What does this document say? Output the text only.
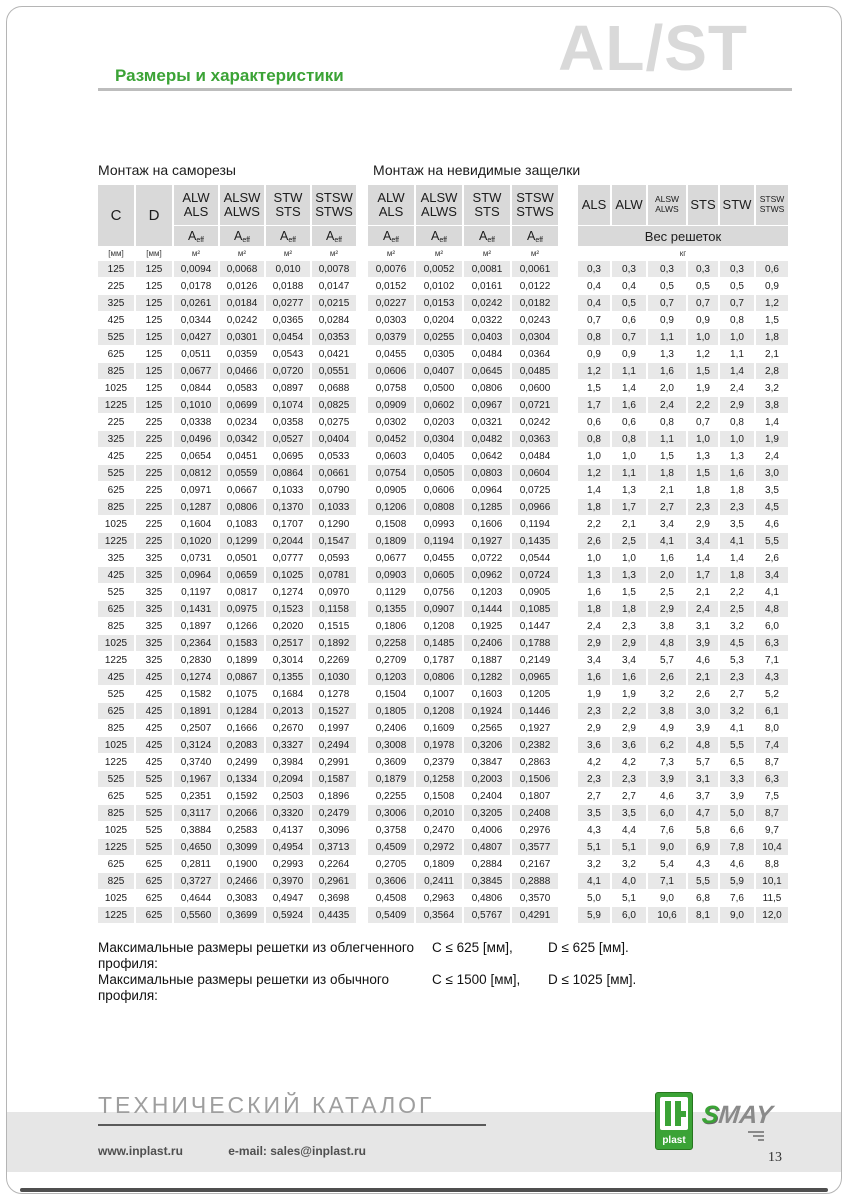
Размеры и характеристики	AL/ST
Монтаж на саморезы	Монтаж на невидимые защелки
C	D	ALW
ALS	ALSW
ALWS	STW
STS	STSW
STWS

		$A_{eff}$	$A_{eff}$	$A_{eff}$	$A_{eff}$
[мм]	[мм]	м²	м²	м²	м²
125	125	0,0094	0,0068	0,010	0,0078
225	125	0,0178	0,0126	0,0188	0,0147
325	125	0,0261	0,0184	0,0277	0,0215
425	125	0,0344	0,0242	0,0365	0,0284
525	125	0,0427	0,0301	0,0454	0,0353
625	125	0,0511	0,0359	0,0543	0,0421
825	125	0,0677	0,0466	0,0720	0,0551
1025	125	0,0844	0,0583	0,0897	0,0688
1225	125	0,1010	0,0699	0,1074	0,0825
225	225	0,0338	0,0234	0,0358	0,0275
325	225	0,0496	0,0342	0,0527	0,0404
425	225	0,0654	0,0451	0,0695	0,0533
525	225	0,0812	0,0559	0,0864	0,0661
625	225	0,0971	0,0667	0,1033	0,0790
825	225	0,1287	0,0806	0,1370	0,1033
1025	225	0,1604	0,1083	0,1707	0,1290
1225	225	0,1020	0,1299	0,2044	0,1547
325	325	0,0731	0,0501	0,0777	0,0593
425	325	0,0964	0,0659	0,1025	0,0781
525	325	0,1197	0,0817	0,1274	0,0970
625	325	0,1431	0,0975	0,1523	0,1158
825	325	0,1897	0,1266	0,2020	0,1515
1025	325	0,2364	0,1583	0,2517	0,1892
1225	325	0,2830	0,1899	0,3014	0,2269
425	425	0,1274	0,0867	0,1355	0,1030
525	425	0,1582	0,1075	0,1684	0,1278
625	425	0,1891	0,1284	0,2013	0,1527
825	425	0,2507	0,1666	0,2670	0,1997
1025	425	0,3124	0,2083	0,3327	0,2494
1225	425	0,3740	0,2499	0,3984	0,2991
525	525	0,1967	0,1334	0,2094	0,1587
625	525	0,2351	0,1592	0,2503	0,1896
825	525	0,3117	0,2066	0,3320	0,2479
1025	525	0,3884	0,2583	0,4137	0,3096
1225	525	0,4650	0,3099	0,4954	0,3713
625	625	0,2811	0,1900	0,2993	0,2264
825	625	0,3727	0,2466	0,3970	0,2961
1025	625	0,4644	0,3083	0,4947	0,3698
1225	625	0,5560	0,3699	0,5924	0,4435
ALW
ALS	ALSW
ALWS	STW
STS	STSW
STWS

$A_{eff}$	$A_{eff}$	$A_{eff}$	$A_{eff}$
м²	м²	м²	м²
0,0076	0,0052	0,0081	0,0061
0,0152	0,0102	0,0161	0,0122
0,0227	0,0153	0,0242	0,0182
0,0303	0,0204	0,0322	0,0243
0,0379	0,0255	0,0403	0,0304
0,0455	0,0305	0,0484	0,0364
0,0606	0,0407	0,0645	0,0485
0,0758	0,0500	0,0806	0,0600
0,0909	0,0602	0,0967	0,0721
0,0302	0,0203	0,0321	0,0242
0,0452	0,0304	0,0482	0,0363
0,0603	0,0405	0,0642	0,0484
0,0754	0,0505	0,0803	0,0604
0,0905	0,0606	0,0964	0,0725
0,1206	0,0808	0,1285	0,0966
0,1508	0,0993	0,1606	0,1194
0,1809	0,1194	0,1927	0,1435
0,0677	0,0455	0,0722	0,0544
0,0903	0,0605	0,0962	0,0724
0,1129	0,0756	0,1203	0,0905
0,1355	0,0907	0,1444	0,1085
0,1806	0,1208	0,1925	0,1447
0,2258	0,1485	0,2406	0,1788
0,2709	0,1787	0,1887	0,2149
0,1203	0,0806	0,1282	0,0965
0,1504	0,1007	0,1603	0,1205
0,1805	0,1208	0,1924	0,1446
0,2406	0,1609	0,2565	0,1927
0,3008	0,1978	0,3206	0,2382
0,3609	0,2379	0,3847	0,2863
0,1879	0,1258	0,2003	0,1506
0,2255	0,1508	0,2404	0,1807
0,3006	0,2010	0,3205	0,2408
0,3758	0,2470	0,4006	0,2976
0,4509	0,2972	0,4807	0,3577
0,2705	0,1809	0,2884	0,2167
0,3606	0,2411	0,3845	0,2888
0,4508	0,2963	0,4806	0,3570
0,5409	0,3564	0,5767	0,4291
ALS	ALW	ALSW
ALWS	STS	STW	STSW
STWS

Вес решеток					
кг					
0,3	0,3	0,3	0,3	0,3	0,6
0,4	0,4	0,5	0,5	0,5	0,9
0,4	0,5	0,7	0,7	0,7	1,2
0,7	0,6	0,9	0,9	0,8	1,5
0,8	0,7	1,1	1,0	1,0	1,8
0,9	0,9	1,3	1,2	1,1	2,1
1,2	1,1	1,6	1,5	1,4	2,8
1,5	1,4	2,0	1,9	2,4	3,2
1,7	1,6	2,4	2,2	2,9	3,8
0,6	0,6	0,8	0,7	0,8	1,4
0,8	0,8	1,1	1,0	1,0	1,9
1,0	1,0	1,5	1,3	1,3	2,4
1,2	1,1	1,8	1,5	1,6	3,0
1,4	1,3	2,1	1,8	1,8	3,5
1,8	1,7	2,7	2,3	2,3	4,5
2,2	2,1	3,4	2,9	3,5	4,6
2,6	2,5	4,1	3,4	4,1	5,5
1,0	1,0	1,6	1,4	1,4	2,6
1,3	1,3	2,0	1,7	1,8	3,4
1,6	1,5	2,5	2,1	2,2	4,1
1,8	1,8	2,9	2,4	2,5	4,8
2,4	2,3	3,8	3,1	3,2	6,0
2,9	2,9	4,8	3,9	4,5	6,3
3,4	3,4	5,7	4,6	5,3	7,1
1,6	1,6	2,6	2,1	2,3	4,3
1,9	1,9	3,2	2,6	2,7	5,2
2,3	2,2	3,8	3,0	3,2	6,1
2,9	2,9	4,9	3,9	4,1	8,0
3,6	3,6	6,2	4,8	5,5	7,4
4,2	4,2	7,3	5,7	6,5	8,7
2,3	2,3	3,9	3,1	3,3	6,3
2,7	2,7	4,6	3,7	3,9	7,5
3,5	3,5	6,0	4,7	5,0	8,7
4,3	4,4	7,6	5,8	6,6	9,7
5,1	5,1	9,0	6,9	7,8	10,4
3,2	3,2	5,4	4,3	4,6	8,8
4,1	4,0	7,1	5,5	5,9	10,1
5,0	5,1	9,0	6,8	7,6	11,5
5,9	6,0	10,6	8,1	9,0	12,0
Максимальные размеры решетки из облегченного профиля:
C ≤ 625 [мм],	D ≤ 625 [мм].
Максимальные размеры решетки из обычного профиля:
C ≤ 1500 [мм],	D ≤ 1025 [мм].
ТЕХНИЧЕСКИЙ КАТАЛОГ
www.inplast.ru	e-mail: sales@inplast.ru
plast
SMAY
13
